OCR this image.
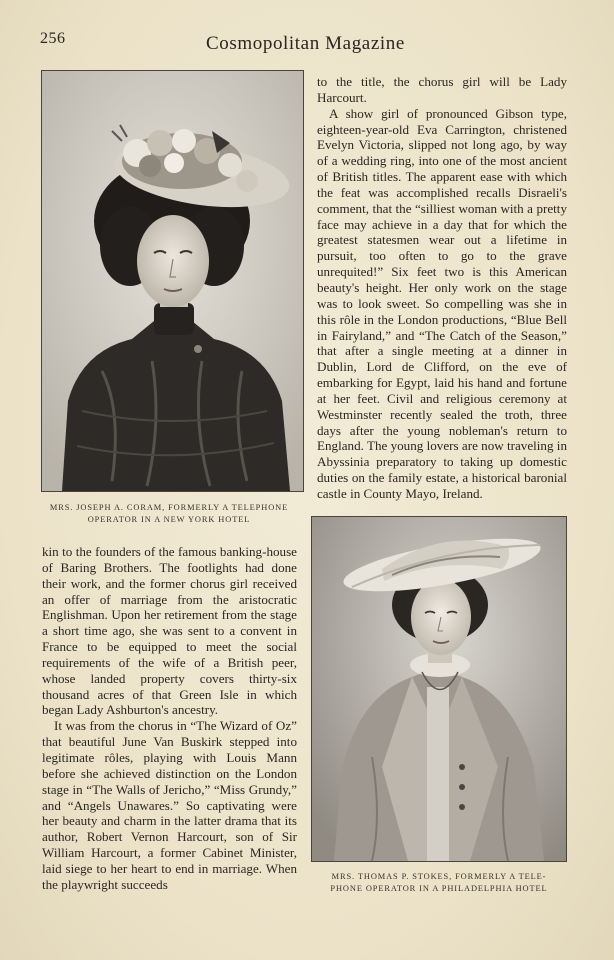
256	Cosmopolitan Magazine
MRS. JOSEPH A. CORAM, FORMERLY A TELEPHONE
OPERATOR IN A NEW YORK HOTEL

to the title, the chorus girl will be Lady Harcourt.

A show girl of pronounced Gibson type, eighteen-year-old Eva Carrington, christened Evelyn Victoria, slipped not long ago, by way of a wedding ring, into one of the most ancient of British titles. The apparent ease with which the feat was accomplished recalls Disraeli's comment, that the “silliest woman with a pretty face may achieve in a day that for which the greatest statesmen wear out a lifetime in pursuit, too often to go to the grave unrequited!” Six feet two is this American beauty's height. Her only work on the stage was to look sweet. So compelling was she in this rôle in the London productions, “Blue Bell in Fairyland,” and “The Catch of the Season,” that after a single meeting at a dinner in Dublin, Lord de Clifford, on the eve of embarking for Egypt, laid his hand and fortune at her feet. Civil and religious ceremony at Westminster recently sealed the troth, three days after the young nobleman's return to England. The young lovers are now traveling in Abyssinia preparatory to taking up domestic duties on the family estate, a historical baronial castle in County Mayo, Ireland.

kin to the founders of the famous banking-house of Baring Brothers. The footlights had done their work, and the former chorus girl received an offer of marriage from the aristocratic Englishman. Upon her retirement from the stage a short time ago, she was sent to a convent in France to be equipped to meet the social requirements of the wife of a British peer, whose landed property covers thirty-six thousand acres of that Green Isle in which began Lady Ashburton's ancestry.

It was from the chorus in “The Wizard of Oz” that beautiful June Van Buskirk stepped into legitimate rôles, playing with Louis Mann before she achieved distinction on the London stage in “The Walls of Jericho,” “Miss Grundy,” and “Angels Unawares.” So captivating were her beauty and charm in the latter drama that its author, Robert Vernon Harcourt, son of Sir William Harcourt, a former Cabinet Minister, laid siege to her heart to end in marriage. When the playwright succeeds

MRS. THOMAS P. STOKES, FORMERLY A TELE-
PHONE OPERATOR IN A PHILADELPHIA HOTEL
